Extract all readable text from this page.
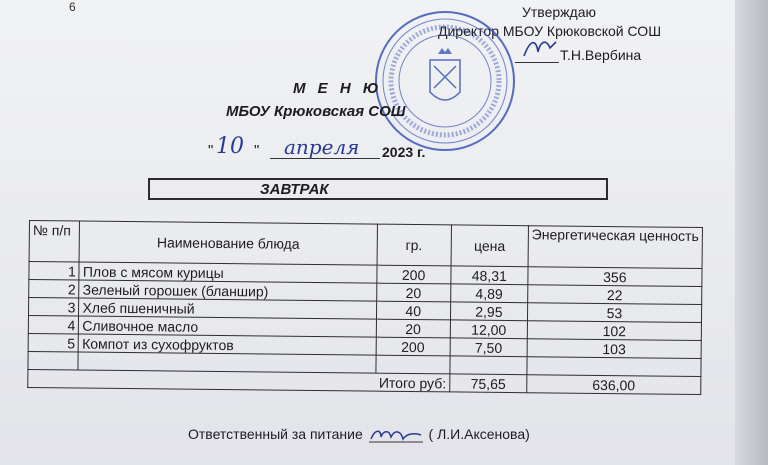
6	Утверждаю
Директор МБОУ Крюковской СОШ
Т.Н.Вербина
М Е Н Ю
МБОУ Крюковская СОШ
" 10 " апреля 2023 г.
ЗАВТРАК
№ п/п	Наименование блюда	гр.	цена	Энергетическая ценность
1	Плов с мясом курицы	200	48,31	356
2	Зеленый горошек (бланшир)	20	4,89	22
3	Хлеб пшеничный	40	2,95	53
4	Сливочное масло	20	12,00	102
5	Компот из сухофруктов	200	7,50	103

Итого руб:			75,65	636,00
Ответственный за питание	( Л.И.Аксенова)
